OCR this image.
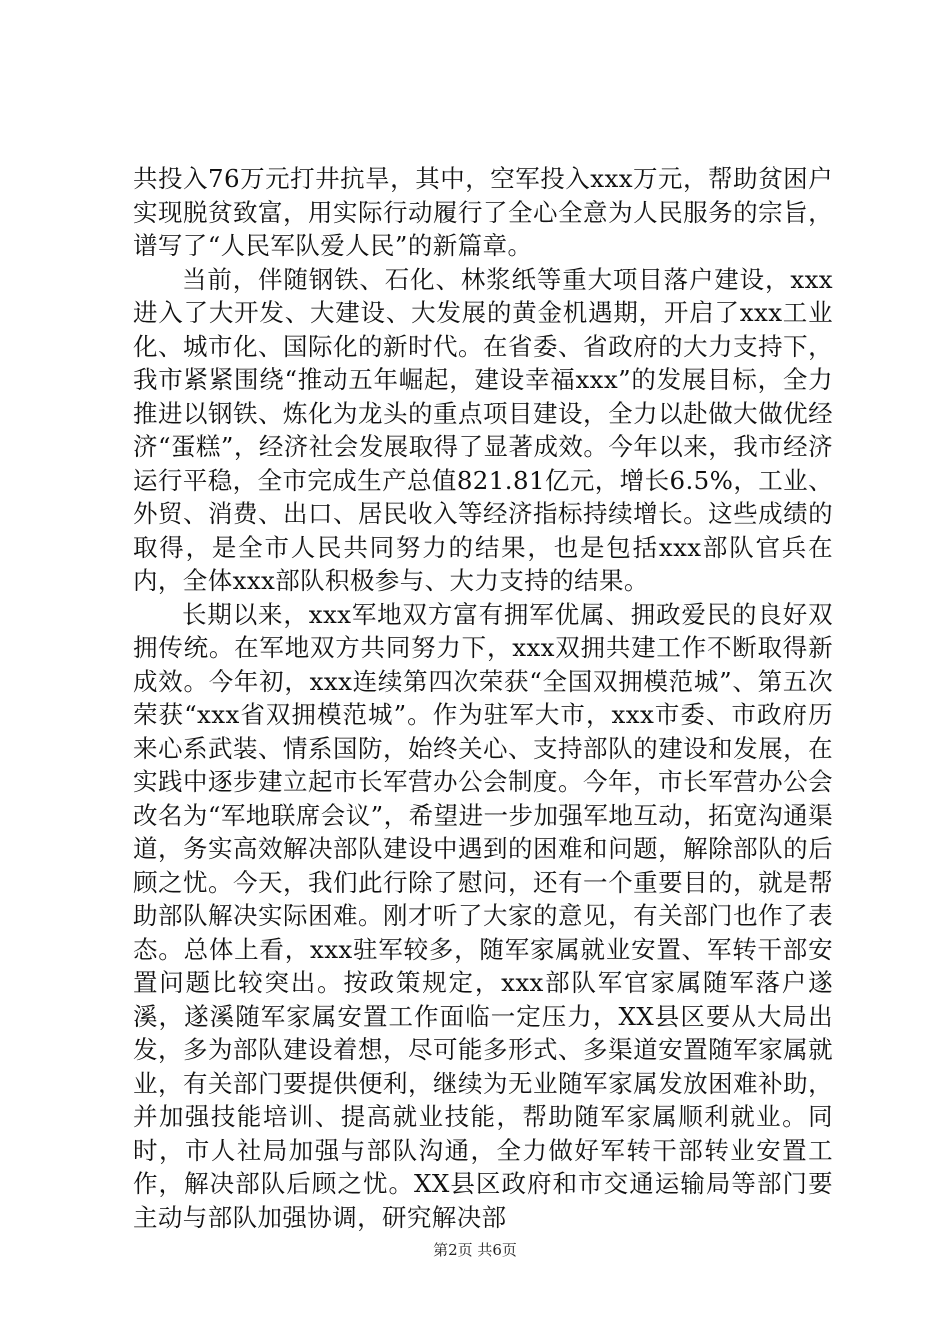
共投入76万元打井抗旱，其中，空军投入xxx万元，帮助贫困户实现脱贫致富，用实际行动履行了全心全意为人民服务的宗旨，谱写了“人民军队爱人民”的新篇章。

当前，伴随钢铁、石化、林浆纸等重大项目落户建设，xxx进入了大开发、大建设、大发展的黄金机遇期，开启了xxx工业化、城市化、国际化的新时代。在省委、省政府的大力支持下，我市紧紧围绕“推动五年崛起，建设幸福xxx”的发展目标，全力推进以钢铁、炼化为龙头的重点项目建设，全力以赴做大做优经济“蛋糕”，经济社会发展取得了显著成效。今年以来，我市经济运行平稳，全市完成生产总值821.81亿元，增长6.5%，工业、外贸、消费、出口、居民收入等经济指标持续增长。这些成绩的取得，是全市人民共同努力的结果，也是包括xxx部队官兵在内，全体xxx部队积极参与、大力支持的结果。

长期以来，xxx军地双方富有拥军优属、拥政爱民的良好双拥传统。在军地双方共同努力下，xxx双拥共建工作不断取得新成效。今年初，xxx连续第四次荣获“全国双拥模范城”、第五次荣获“xxx省双拥模范城”。作为驻军大市，xxx市委、市政府历来心系武装、情系国防，始终关心、支持部队的建设和发展，在实践中逐步建立起市长军营办公会制度。今年，市长军营办公会改名为“军地联席会议”，希望进一步加强军地互动，拓宽沟通渠道，务实高效解决部队建设中遇到的困难和问题，解除部队的后顾之忧。今天，我们此行除了慰问，还有一个重要目的，就是帮助部队解决实际困难。刚才听了大家的意见，有关部门也作了表态。总体上看，xxx驻军较多，随军家属就业安置、军转干部安置问题比较突出。按政策规定，xxx部队军官家属随军落户遂溪，遂溪随军家属安置工作面临一定压力，XX县区要从大局出发，多为部队建设着想，尽可能多形式、多渠道安置随军家属就业，有关部门要提供便利，继续为无业随军家属发放困难补助，并加强技能培训、提高就业技能，帮助随军家属顺利就业。同时，市人社局加强与部队沟通，全力做好军转干部转业安置工作，解决部队后顾之忧。XX县区政府和市交通运输局等部门要主动与部队加强协调，研究解决部

第2页 共6页
